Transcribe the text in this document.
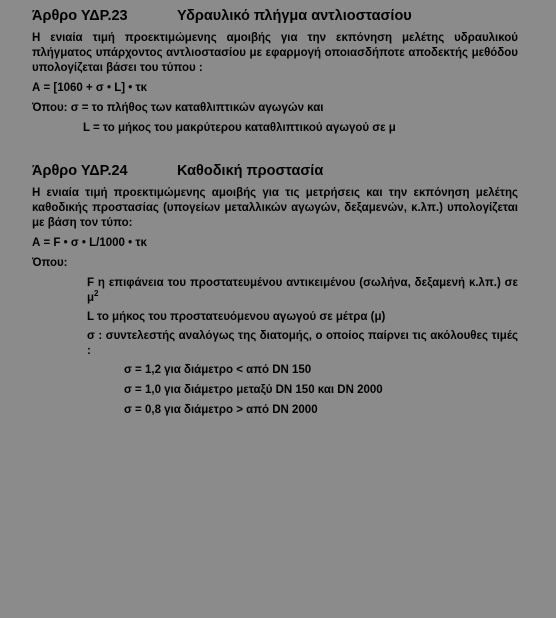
Άρθρο ΥΔΡ.23	Υδραυλικό πλήγμα αντλιοστασίου
Η ενιαία τιμή προεκτιμώμενης αμοιβής για την εκπόνηση μελέτης υδραυλικού πλήγματος υπάρχοντος αντλιοστασίου με εφαρμογή οποιασδήποτε αποδεκτής μεθόδου υπολογίζεται βάσει του τύπου :
Α = [1060 + σ • L] • τκ
Όπου: σ = το πλήθος των καταθλιπτικών αγωγών και
L = το μήκος του μακρύτερου καταθλιπτικού αγωγού σε μ
Άρθρο ΥΔΡ.24	Καθοδική προστασία
Η ενιαία τιμή προεκτιμώμενης αμοιβής για τις μετρήσεις και την εκπόνηση μελέτης καθοδικής προστασίας (υπογείων μεταλλικών αγωγών, δεξαμενών, κ.λπ.) υπολογίζεται με βάση τον τύπο:
Α = F • σ • L/1000 • τκ
Όπου:
F η επιφάνεια του προστατευμένου αντικειμένου (σωλήνα, δεξαμενή κ.λπ.) σε $\mu^2$
L το μήκος του προστατευόμενου αγωγού σε μέτρα (μ)
σ : συντελεστής αναλόγως της διατομής, ο οποίος παίρνει τις ακόλουθες τιμές :
σ = 1,2 για διάμετρο < από DN 150
σ = 1,0 για διάμετρο μεταξύ DN 150 και DN 2000
σ = 0,8 για διάμετρο > από DN 2000
